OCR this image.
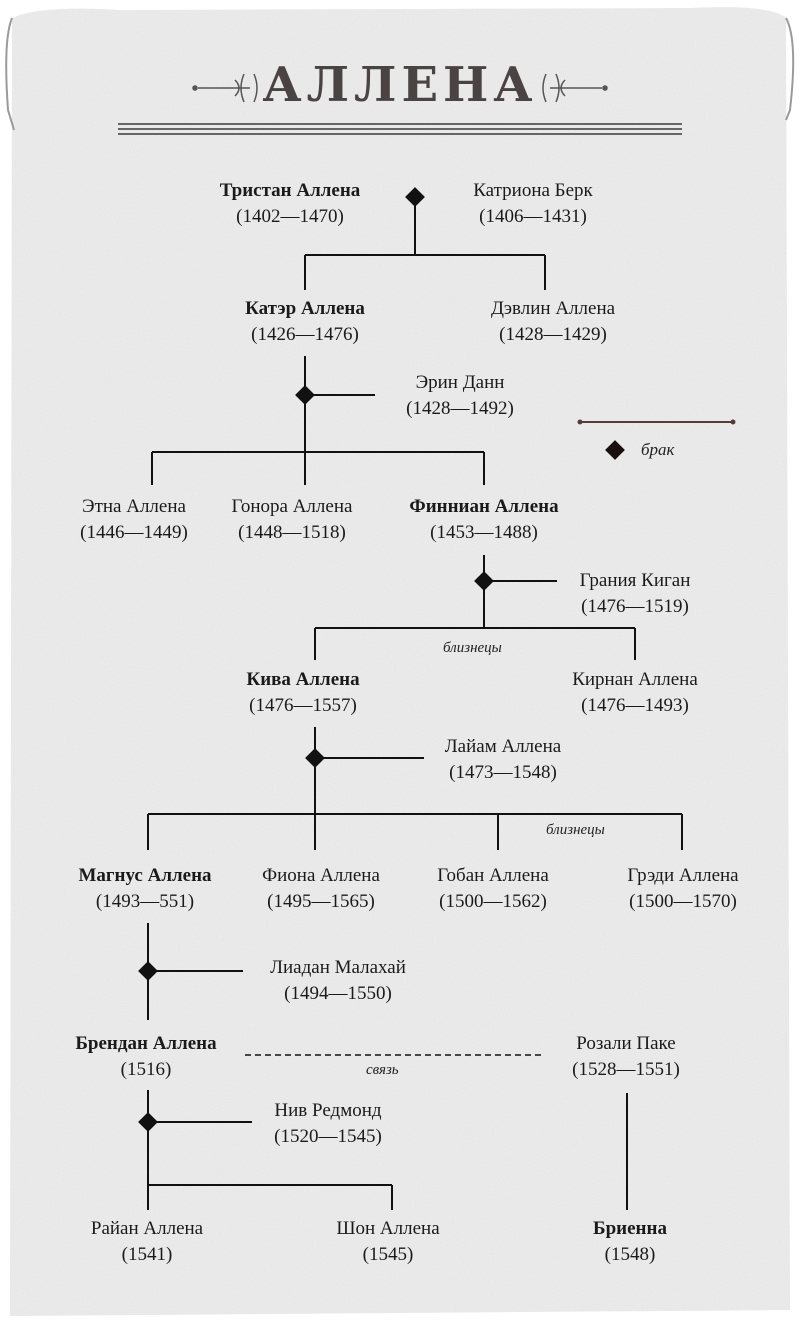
АЛЛЕНА
брак
близнецы
близнецы
связь
Тристан Аллена
(1402—1470)
Катриона Берк
(1406—1431)
Катэр Аллена
(1426—1476)
Дэвлин Аллена
(1428—1429)
Эрин Данн
(1428—1492)
Этна Аллена
(1446—1449)
Гонора Аллена
(1448—1518)
Финниан Аллена
(1453—1488)
Грания Киган
(1476—1519)
Кива Аллена
(1476—1557)
Кирнан Аллена
(1476—1493)
Лайам Аллена
(1473—1548)
Магнус Аллена
(1493—551)
Фиона Аллена
(1495—1565)
Гобан Аллена
(1500—1562)
Грэди Аллена
(1500—1570)
Лиадан Малахай
(1494—1550)
Брендан Аллена
(1516)
Розали Паке
(1528—1551)
Нив Редмонд
(1520—1545)
Райан Аллена
(1541)
Шон Аллена
(1545)
Бриенна
(1548)
